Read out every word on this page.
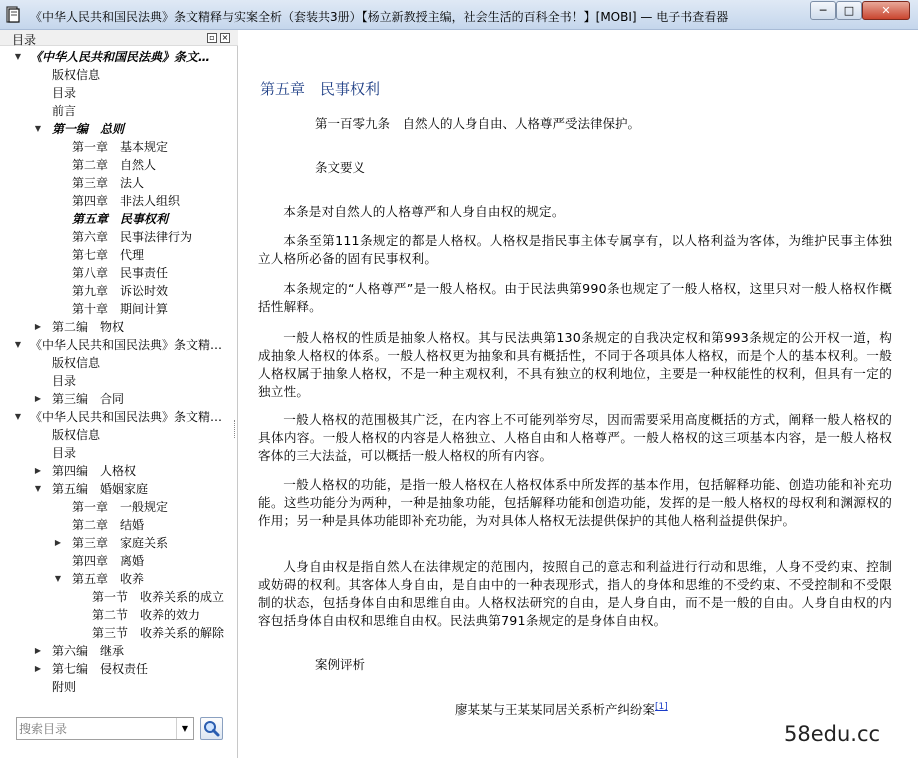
《中华人民共和国民法典》条文精释与实案全析（套装共3册）【杨立新教授主编，社会生活的百科全书！】[MOBI] — 电子书查看器	─	□	✕
目录	▫ ×
▼ 《中华人民共和国民法典》条文…
版权信息
目录
前言
▼ 第一编　总则
第一章　基本规定
第二章　自然人
第三章　法人
第四章　非法人组织
第五章　民事权利
第六章　民事法律行为
第七章　代理
第八章　民事责任
第九章　诉讼时效
第十章　期间计算
▶ 第二编　物权
▼ 《中华人民共和国民法典》条文精…
版权信息
目录
▶ 第三编　合同
▼ 《中华人民共和国民法典》条文精…
版权信息
目录
▶ 第四编　人格权
▼ 第五编　婚姻家庭
第一章　一般规定
第二章　结婚
▶ 第三章　家庭关系
第四章　离婚
▼ 第五章　收养
第一节　收养关系的成立
第二节　收养的效力
第三节　收养关系的解除
▶ 第六编　继承
▶ 第七编　侵权责任
附则
搜索目录
▼
第五章　民事权利
第一百零九条　自然人的人身自由、人格尊严受法律保护。
条文要义

本条是对自然人的人格尊严和人身自由权的规定。

本条至第111条规定的都是人格权。人格权是指民事主体专属享有，以人格利益为客体，为维护民事主体独立人格所必备的固有民事权利。

本条规定的“人格尊严”是一般人格权。由于民法典第990条也规定了一般人格权，这里只对一般人格权作概括性解释。

一般人格权的性质是抽象人格权。其与民法典第130条规定的自我决定权和第993条规定的公开权一道，构成抽象人格权的体系。一般人格权更为抽象和具有概括性，不同于各项具体人格权，而是个人的基本权利。一般人格权属于抽象人格权，不是一种主观权利，不具有独立的权利地位，主要是一种权能性的权利，但具有一定的独立性。

一般人格权的范围极其广泛，在内容上不可能列举穷尽，因而需要采用高度概括的方式，阐释一般人格权的具体内容。一般人格权的内容是人格独立、人格自由和人格尊严。一般人格权的这三项基本内容，是一般人格权客体的三大法益，可以概括一般人格权的所有内容。

一般人格权的功能，是指一般人格权在人格权体系中所发挥的基本作用，包括解释功能、创造功能和补充功能。这些功能分为两种，一种是抽象功能，包括解释功能和创造功能，发挥的是一般人格权的母权利和渊源权的作用；另一种是具体功能即补充功能，为对具体人格权无法提供保护的其他人格利益提供保护。

人身自由权是指自然人在法律规定的范围内，按照自己的意志和利益进行行动和思维，人身不受约束、控制或妨碍的权利。其客体人身自由，是自由中的一种表现形式，指人的身体和思维的不受约束、不受控制和不受限制的状态，包括身体自由和思维自由。人格权法研究的自由，是人身自由，而不是一般的自由。人身自由权的内容包括身体自由权和思维自由权。民法典第791条规定的是身体自由权。

案例评析
廖某某与王某某同居关系析产纠纷案[1]
58edu.cc
